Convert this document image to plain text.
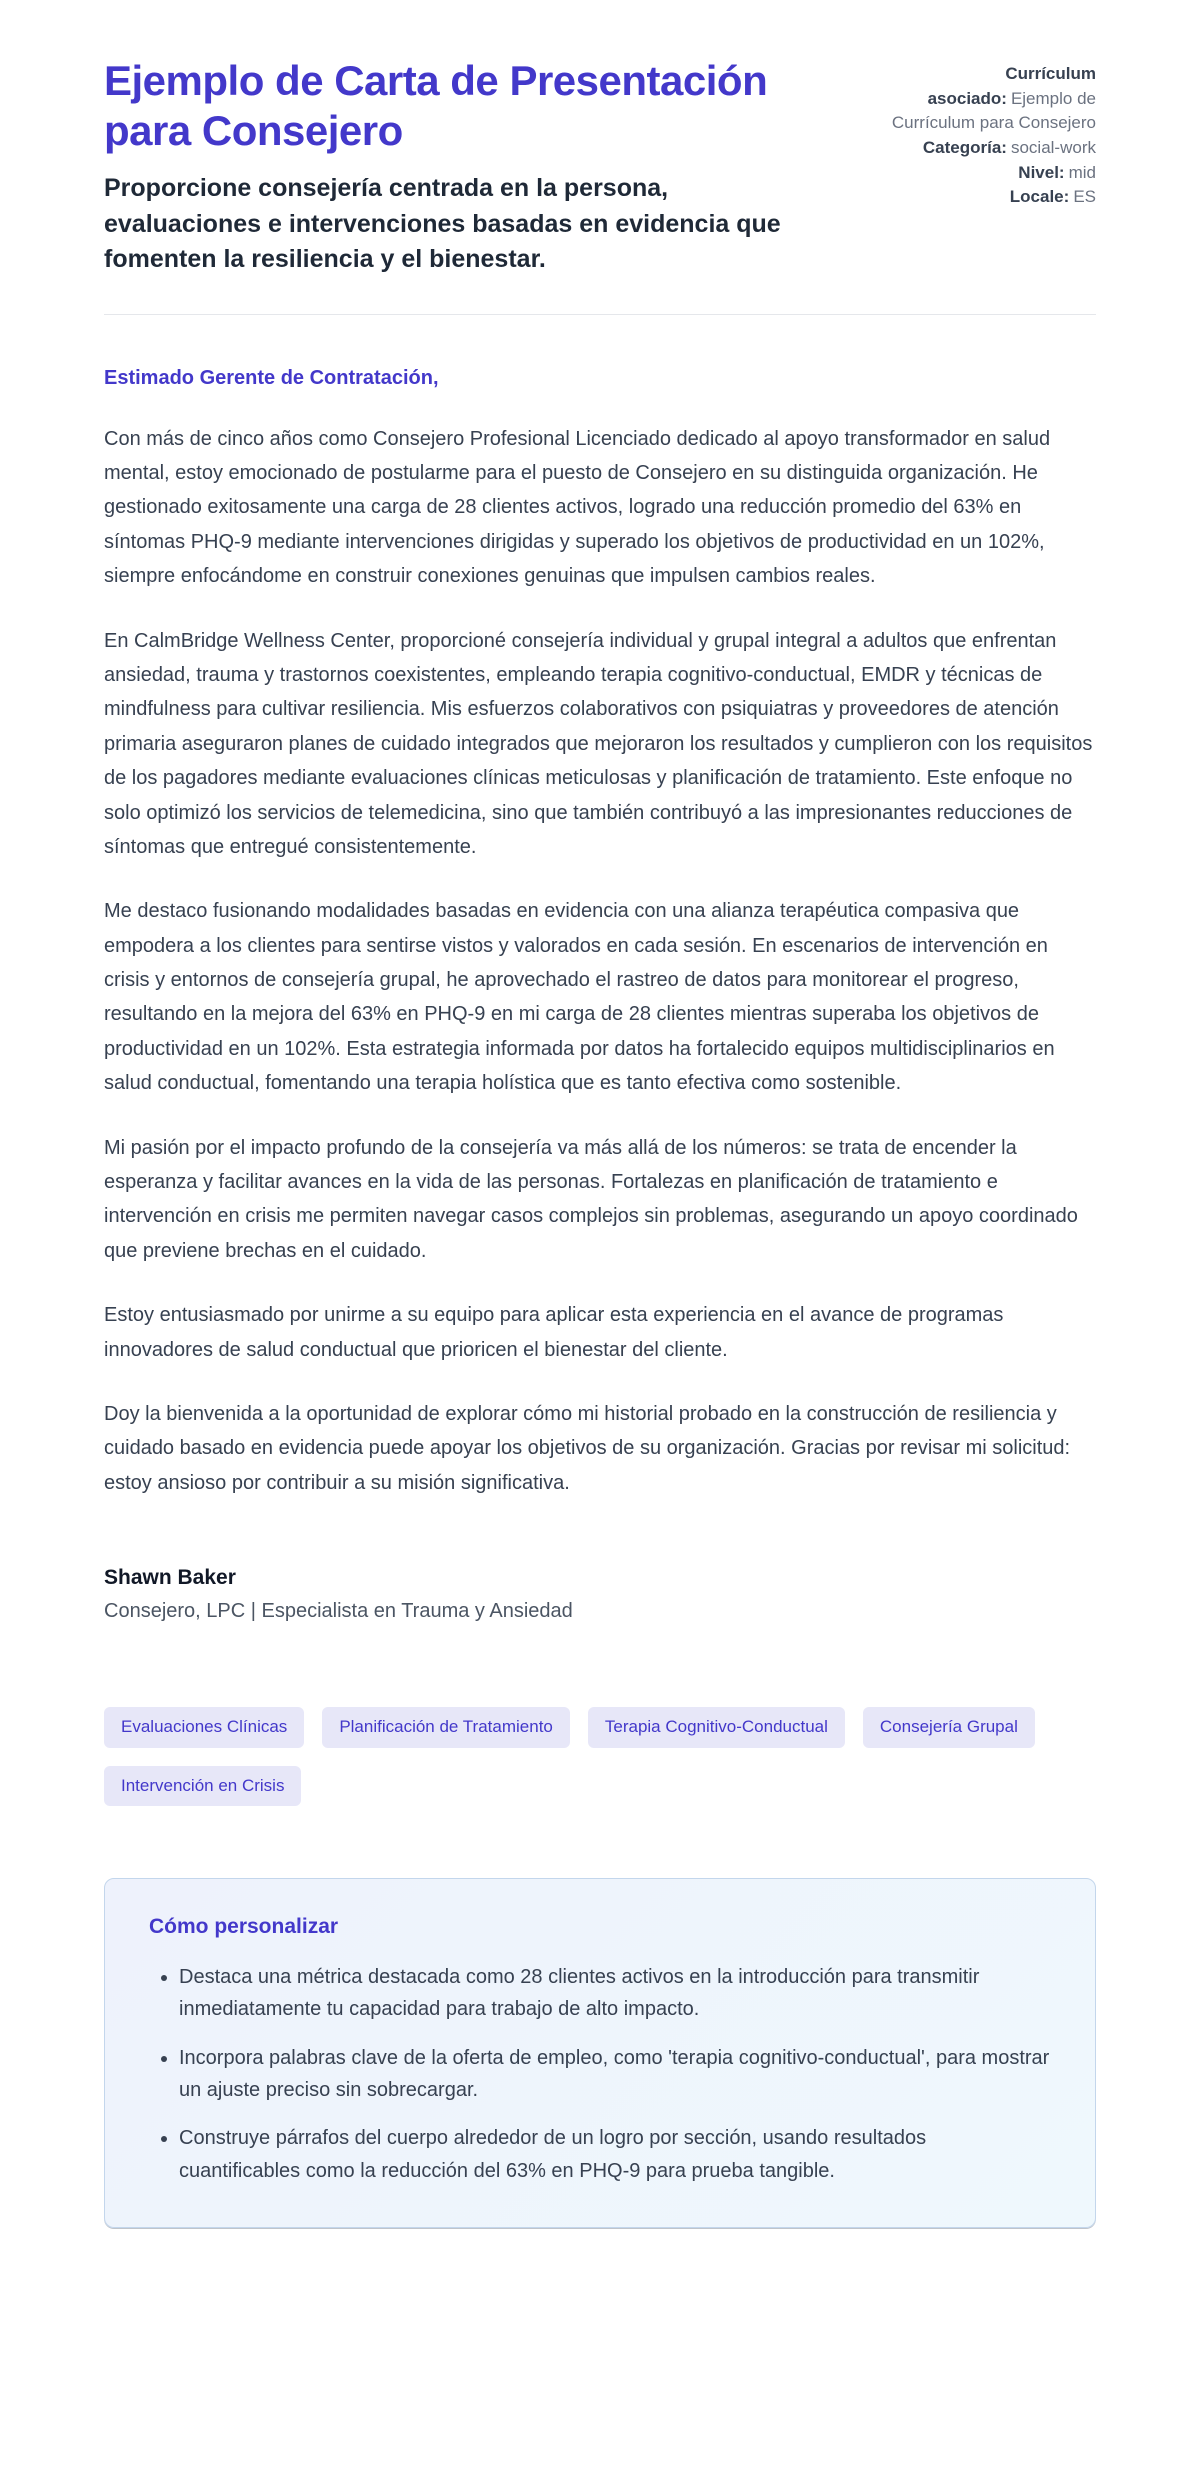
Ejemplo de Carta de Presentación para Consejero

Proporcione consejería centrada en la persona, evaluaciones e intervenciones basadas en evidencia que fomenten la resiliencia y el bienestar.

Currículum asociado: Ejemplo de Currículum para Consejero

Categoría: social-work

Nivel: mid

Locale: ES

Estimado Gerente de Contratación,

Con más de cinco años como Consejero Profesional Licenciado dedicado al apoyo transformador en salud mental, estoy emocionado de postularme para el puesto de Consejero en su distinguida organización. He gestionado exitosamente una carga de 28 clientes activos, logrado una reducción promedio del 63% en síntomas PHQ-9 mediante intervenciones dirigidas y superado los objetivos de productividad en un 102%, siempre enfocándome en construir conexiones genuinas que impulsen cambios reales.

En CalmBridge Wellness Center, proporcioné consejería individual y grupal integral a adultos que enfrentan ansiedad, trauma y trastornos coexistentes, empleando terapia cognitivo-conductual, EMDR y técnicas de mindfulness para cultivar resiliencia. Mis esfuerzos colaborativos con psiquiatras y proveedores de atención primaria aseguraron planes de cuidado integrados que mejoraron los resultados y cumplieron con los requisitos de los pagadores mediante evaluaciones clínicas meticulosas y planificación de tratamiento. Este enfoque no solo optimizó los servicios de telemedicina, sino que también contribuyó a las impresionantes reducciones de síntomas que entregué consistentemente.

Me destaco fusionando modalidades basadas en evidencia con una alianza terapéutica compasiva que empodera a los clientes para sentirse vistos y valorados en cada sesión. En escenarios de intervención en crisis y entornos de consejería grupal, he aprovechado el rastreo de datos para monitorear el progreso, resultando en la mejora del 63% en PHQ-9 en mi carga de 28 clientes mientras superaba los objetivos de productividad en un 102%. Esta estrategia informada por datos ha fortalecido equipos multidisciplinarios en salud conductual, fomentando una terapia holística que es tanto efectiva como sostenible.

Mi pasión por el impacto profundo de la consejería va más allá de los números: se trata de encender la esperanza y facilitar avances en la vida de las personas. Fortalezas en planificación de tratamiento e intervención en crisis me permiten navegar casos complejos sin problemas, asegurando un apoyo coordinado que previene brechas en el cuidado.

Estoy entusiasmado por unirme a su equipo para aplicar esta experiencia en el avance de programas innovadores de salud conductual que prioricen el bienestar del cliente.

Doy la bienvenida a la oportunidad de explorar cómo mi historial probado en la construcción de resiliencia y cuidado basado en evidencia puede apoyar los objetivos de su organización. Gracias por revisar mi solicitud: estoy ansioso por contribuir a su misión significativa.

Shawn Baker

Consejero, LPC | Especialista en Trauma y Ansiedad

Evaluaciones Clínicas	Planificación de Tratamiento	Terapia Cognitivo-Conductual	Consejería Grupal
Intervención en Crisis
Cómo personalizar
• Destaca una métrica destacada como 28 clientes activos en la introducción para transmitir inmediatamente tu capacidad para trabajo de alto impacto.
• Incorpora palabras clave de la oferta de empleo, como 'terapia cognitivo-conductual', para mostrar un ajuste preciso sin sobrecargar.
• Construye párrafos del cuerpo alrededor de un logro por sección, usando resultados cuantificables como la reducción del 63% en PHQ-9 para prueba tangible.
